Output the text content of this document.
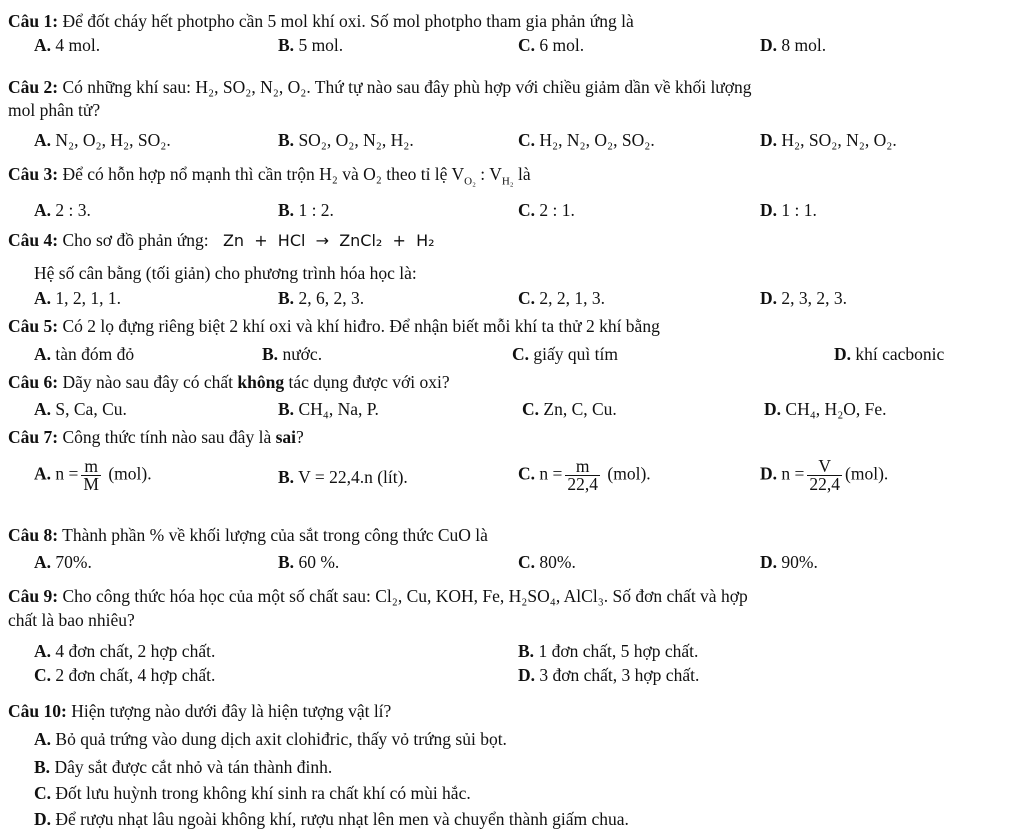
Câu 1: Để đốt cháy hết photpho cần 5 mol khí oxi. Số mol photpho tham gia phản ứng là
A. 4 mol.	B. 5 mol.	C. 6 mol.	D. 8 mol.
Câu 2: Có những khí sau: H₂, SO₂, N₂, O₂. Thứ tự nào sau đây phù hợp với chiều giảm dần về khối lượng
mol phân tử?
A. N₂, O₂, H₂, SO₂.	B. SO₂, O₂, N₂, H₂.	C. H₂, N₂, O₂, SO₂.	D. H₂, SO₂, N₂, O₂.
Câu 3: Để có hỗn hợp nổ mạnh thì cần trộn H₂ và O₂ theo tỉ lệ $V_{O_2}$ : $V_{H_2}$ là
A. 2 : 3.	B. 1 : 2.	C. 2 : 1.	D. 1 : 1.
Câu 4: Cho sơ đồ phản ứng: Zn  +  HCl  →  ZnCl₂  +  H₂
Hệ số cân bằng (tối giản) cho phương trình hóa học là:
A. 1, 2, 1, 1.	B. 2, 6, 2, 3.	C. 2, 2, 1, 3.	D. 2, 3, 2, 3.
Câu 5: Có 2 lọ đựng riêng biệt 2 khí oxi và khí hiđro. Để nhận biết mỗi khí ta thử 2 khí bằng
A. tàn đóm đỏ	B. nước.	C. giấy quì tím	D. khí cacbonic
Câu 6: Dãy nào sau đây có chất không tác dụng được với oxi?
A. S, Ca, Cu.	B. CH₄, Na, P.	C. Zn, C, Cu.	D. CH₄, H₂O, Fe.
Câu 7: Công thức tính nào sau đây là sai?
A. $n = \frac{m}{M} (mol)$.	B. V = 22,4.n (lít).	C. $n = \frac{m}{22,4} (mol)$.	D. $n = \frac{V}{22,4} (mol)$.
Câu 8: Thành phần % về khối lượng của sắt trong công thức CuO là
A. 70%.	B. 60 %.	C. 80%.	D. 90%.
Câu 9: Cho công thức hóa học của một số chất sau: Cl₂, Cu, KOH, Fe, H₂SO₄, AlCl₃. Số đơn chất và hợp
chất là bao nhiêu?
A. 4 đơn chất, 2 hợp chất.	B. 1 đơn chất, 5 hợp chất.
C. 2 đơn chất, 4 hợp chất.	D. 3 đơn chất, 3 hợp chất.
Câu 10: Hiện tượng nào dưới đây là hiện tượng vật lí?
A. Bỏ quả trứng vào dung dịch axit clohiđric, thấy vỏ trứng sủi bọt.
B. Dây sắt được cắt nhỏ và tán thành đinh.
C. Đốt lưu huỳnh trong không khí sinh ra chất khí có mùi hắc.
D. Để rượu nhạt lâu ngoài không khí, rượu nhạt lên men và chuyển thành giấm chua.
